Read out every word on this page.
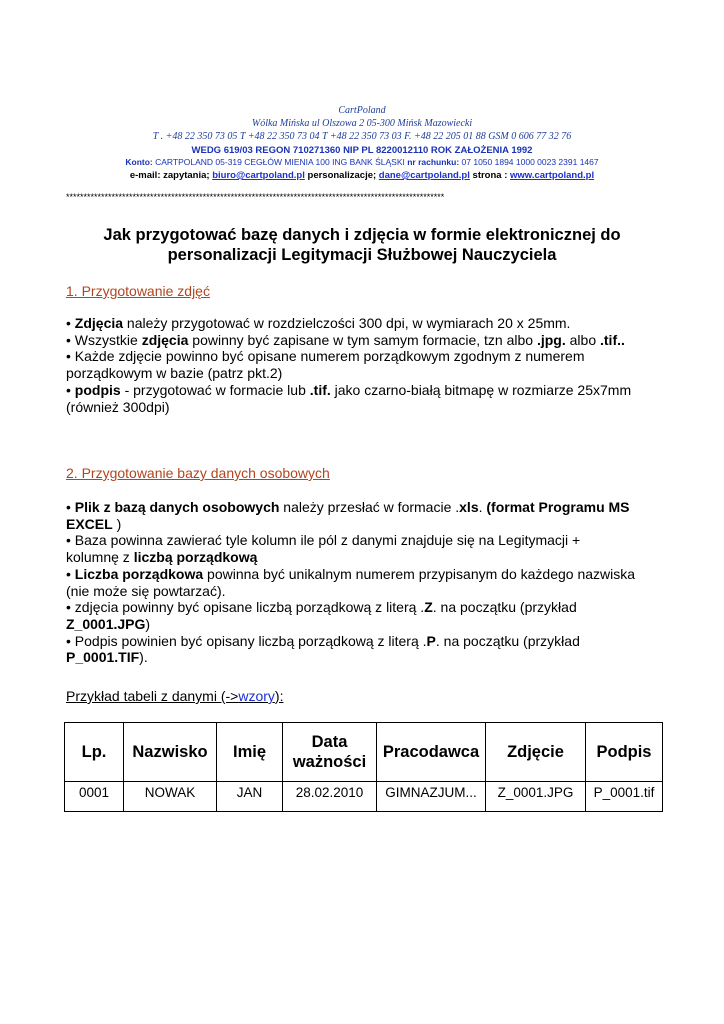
CartPoland
Wólka Mińska ul Olszowa 2 05-300 Mińsk Mazowiecki
T . +48 22 350 73 05 T +48 22 350 73 04 T +48 22 350 73 03 F. +48 22 205 01 88 GSM 0 606 77 32 76
WEDG 619/03 REGON 710271360 NIP PL 8220012110 ROK ZAŁOŻENIA 1992
Konto: CARTPOLAND 05-319 CEGŁÓW MIENIA 100 ING BANK ŚLĄSKI nr rachunku: 07 1050 1894 1000 0023 2391 1467
e-mail: zapytania; biuro@cartpoland.pl personalizacje; dane@cartpoland.pl strona : www.cartpoland.pl
************************************************************************************************************
Jak przygotować bazę danych i zdjęcia w formie elektronicznej do personalizacji Legitymacji Służbowej Nauczyciela
1. Przygotowanie zdjęć

• Zdjęcia należy przygotować w rozdzielczości 300 dpi, w wymiarach 20 x 25mm.

• Wszystkie zdjęcia powinny być zapisane w tym samym formacie, tzn albo .jpg. albo .tif..

• Każde zdjęcie powinno być opisane numerem porządkowym zgodnym z numerem porządkowym w bazie (patrz pkt.2)

• podpis - przygotować w formacie lub .tif. jako czarno-białą bitmapę w rozmiarze 25x7mm (również 300dpi)

2. Przygotowanie bazy danych osobowych

• Plik z bazą danych osobowych należy przesłać w formacie .xls. (format Programu MS EXCEL )

• Baza powinna zawierać tyle kolumn ile pól z danymi znajduje się na Legitymacji + kolumnę z liczbą porządkową

• Liczba porządkowa powinna być unikalnym numerem przypisanym do każdego nazwiska (nie może się powtarzać).

• zdjęcia powinny być opisane liczbą porządkową z literą .Z. na początku (przykład Z_0001.JPG)

• Podpis powinien być opisany liczbą porządkową z literą .P. na początku (przykład P_0001.TIF).

Przykład tabeli z danymi (->wzory):
Lp.	Nazwisko	Imię	Data ważności	Pracodawca	Zdjęcie	Podpis
0001	NOWAK	JAN	28.02.2010	GIMNAZJUM...	Z_0001.JPG	P_0001.tif
